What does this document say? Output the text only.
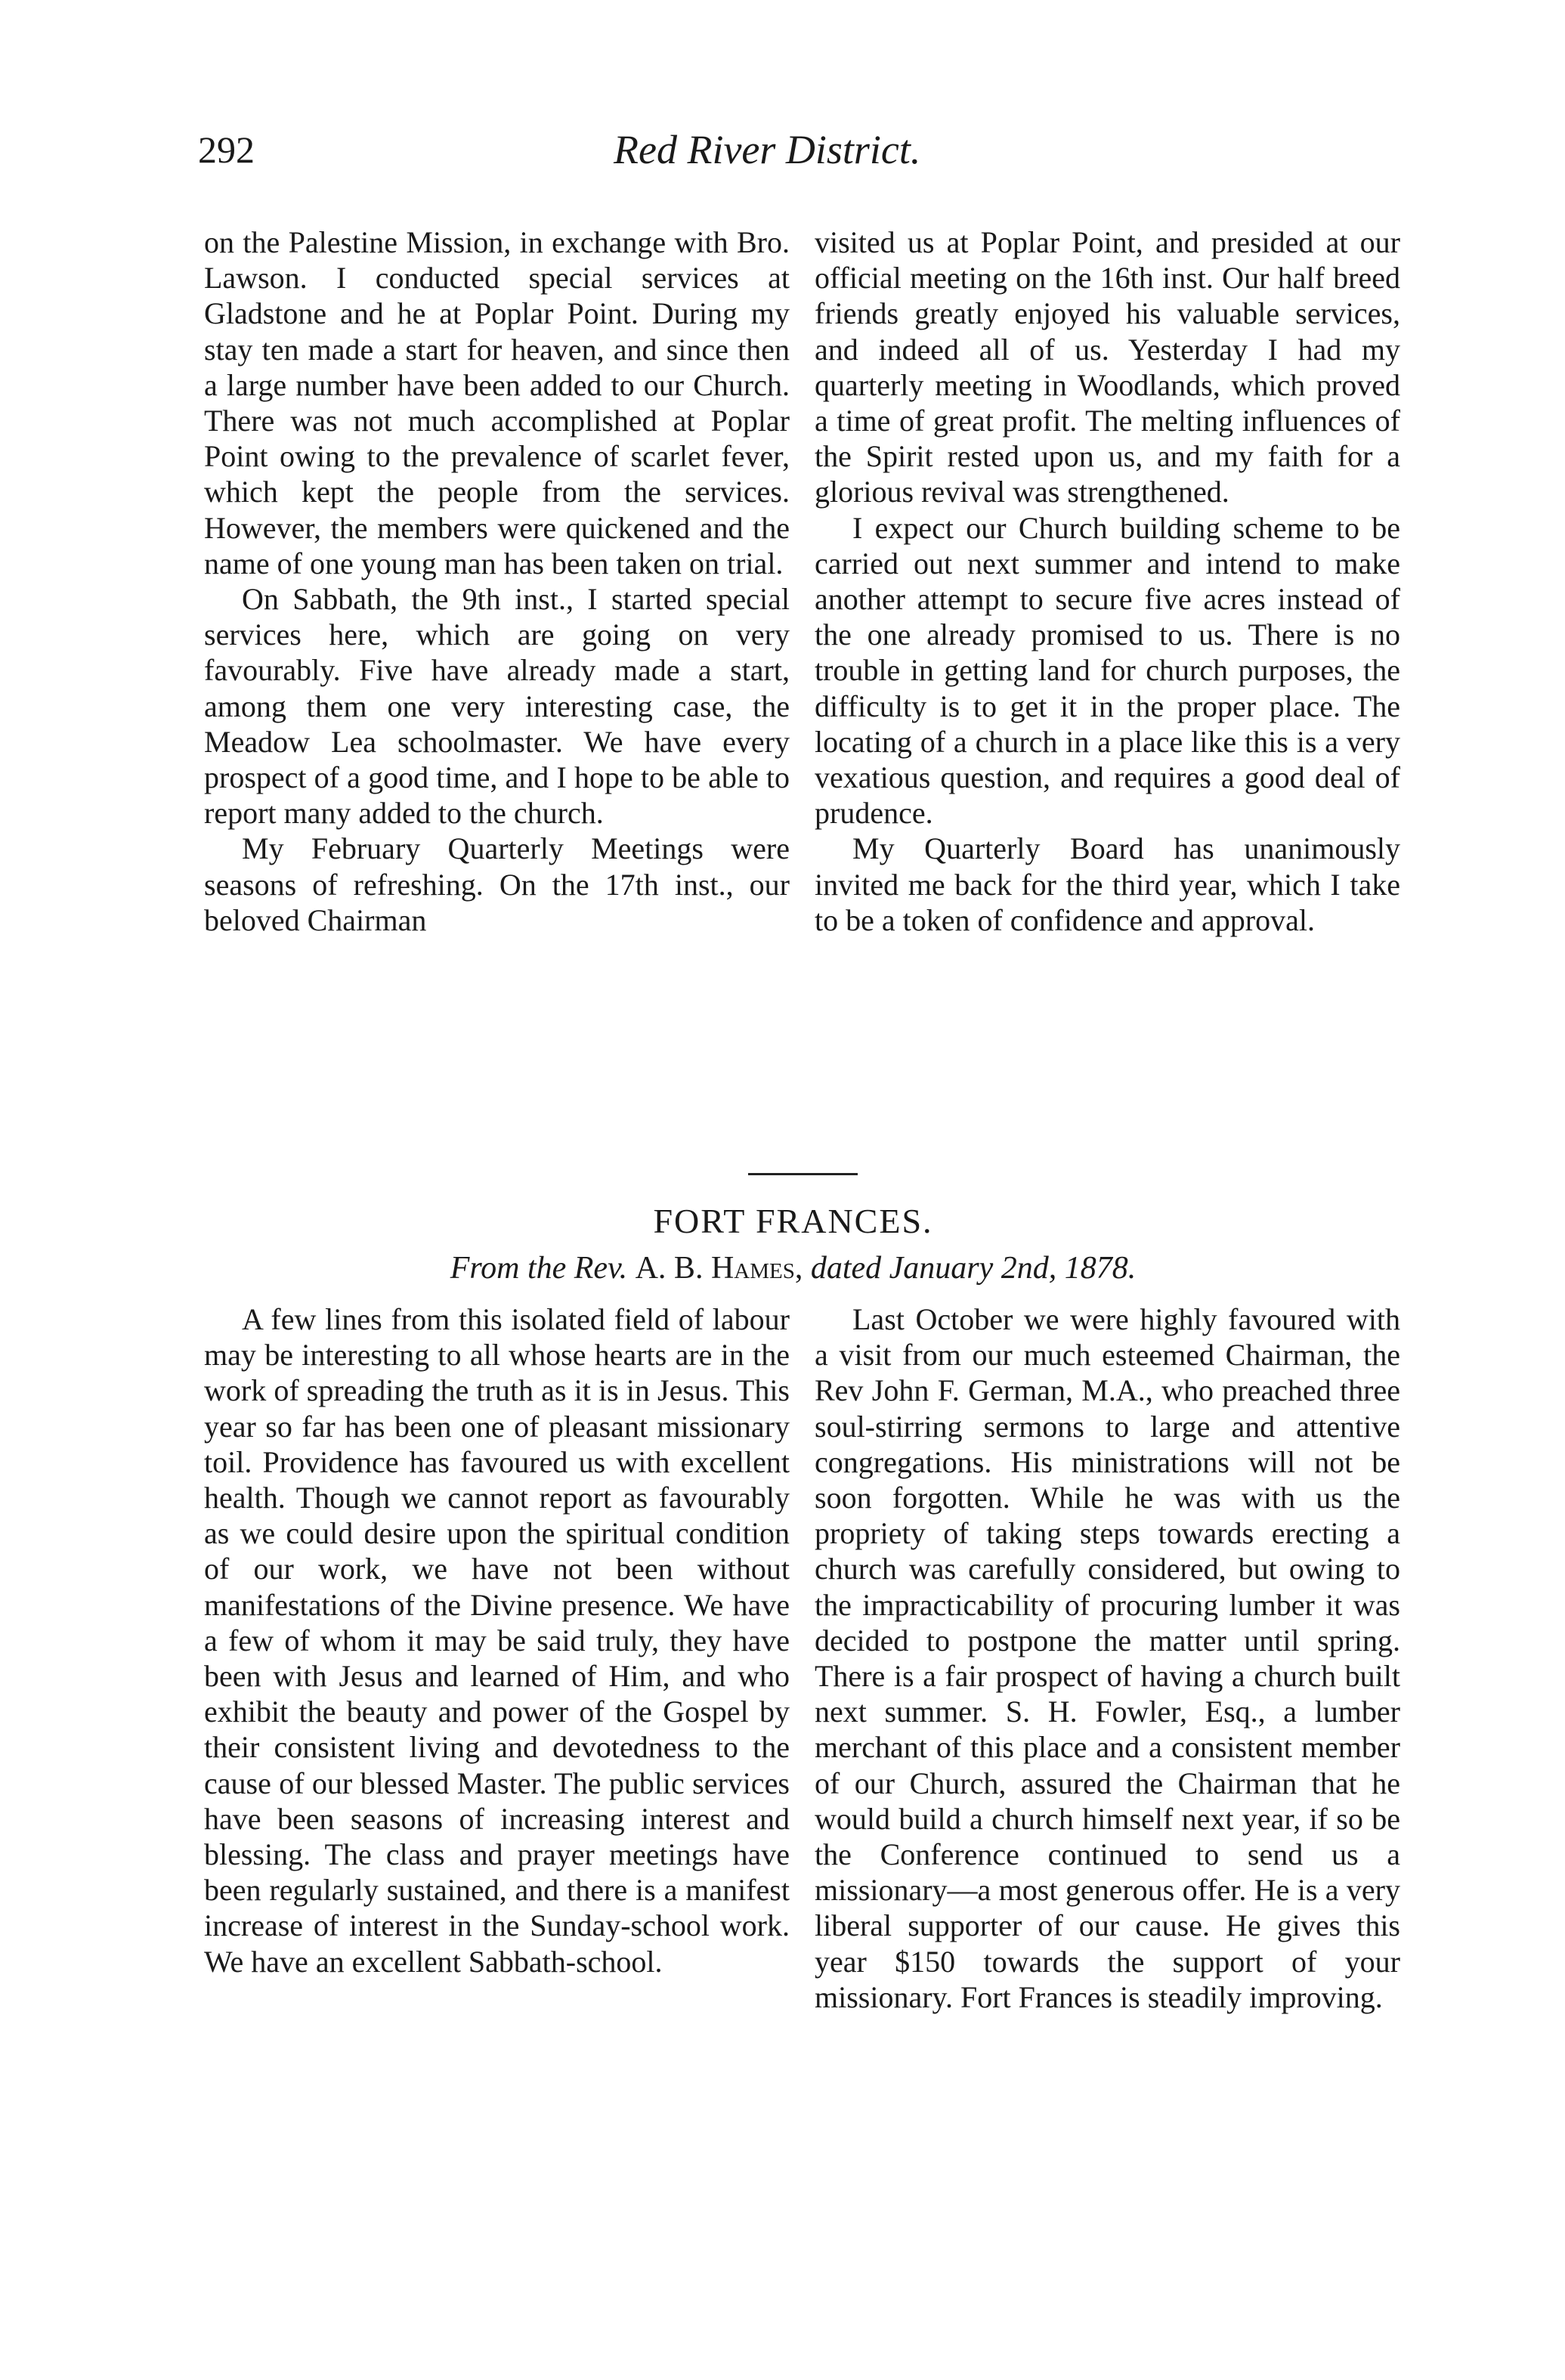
292	Red River District.

on the Palestine Mission, in exchange with Bro. Lawson. I conducted special services at Gladstone and he at Poplar Point. During my stay ten made a start for heaven, and since then a large number have been added to our Church. There was not much accomplished at Poplar Point owing to the prevalence of scarlet fever, which kept the people from the services. However, the members were quickened and the name of one young man has been taken on trial.

On Sabbath, the 9th inst., I started special services here, which are going on very favourably. Five have already made a start, among them one very interesting case, the Meadow Lea schoolmaster. We have every prospect of a good time, and I hope to be able to report many added to the church.

My February Quarterly Meetings were seasons of refreshing. On the 17th inst., our beloved Chairman

visited us at Poplar Point, and presided at our official meeting on the 16th inst. Our half breed friends greatly enjoyed his valuable services, and indeed all of us. Yesterday I had my quarterly meeting in Woodlands, which proved a time of great profit. The melting influences of the Spirit rested upon us, and my faith for a glorious revival was strengthened.

I expect our Church building scheme to be carried out next summer and intend to make another attempt to secure five acres instead of the one already promised to us. There is no trouble in getting land for church purposes, the difficulty is to get it in the proper place. The locating of a church in a place like this is a very vexatious question, and requires a good deal of prudence.

My Quarterly Board has unanimously invited me back for the third year, which I take to be a token of confidence and approval.

FORT FRANCES.
From the Rev. A. B. Hames, dated January 2nd, 1878.

A few lines from this isolated field of labour may be interesting to all whose hearts are in the work of spreading the truth as it is in Jesus. This year so far has been one of pleasant missionary toil. Providence has favoured us with excellent health. Though we cannot report as favourably as we could desire upon the spiritual condition of our work, we have not been without manifestations of the Divine presence. We have a few of whom it may be said truly, they have been with Jesus and learned of Him, and who exhibit the beauty and power of the Gospel by their consistent living and devotedness to the cause of our blessed Master. The public services have been seasons of increasing interest and blessing. The class and prayer meetings have been regularly sustained, and there is a manifest increase of interest in the Sunday-school work. We have an excellent Sabbath-school.

Last October we were highly favoured with a visit from our much esteemed Chairman, the Rev John F. German, M.A., who preached three soul-stirring sermons to large and attentive congregations. His ministrations will not be soon forgotten. While he was with us the propriety of taking steps towards erecting a church was carefully considered, but owing to the impracticability of procuring lumber it was decided to postpone the matter until spring. There is a fair prospect of having a church built next summer. S. H. Fowler, Esq., a lumber merchant of this place and a consistent member of our Church, assured the Chairman that he would build a church himself next year, if so be the Conference continued to send us a missionary—a most generous offer. He is a very liberal supporter of our cause. He gives this year $150 towards the support of your missionary. Fort Frances is steadily improving.
